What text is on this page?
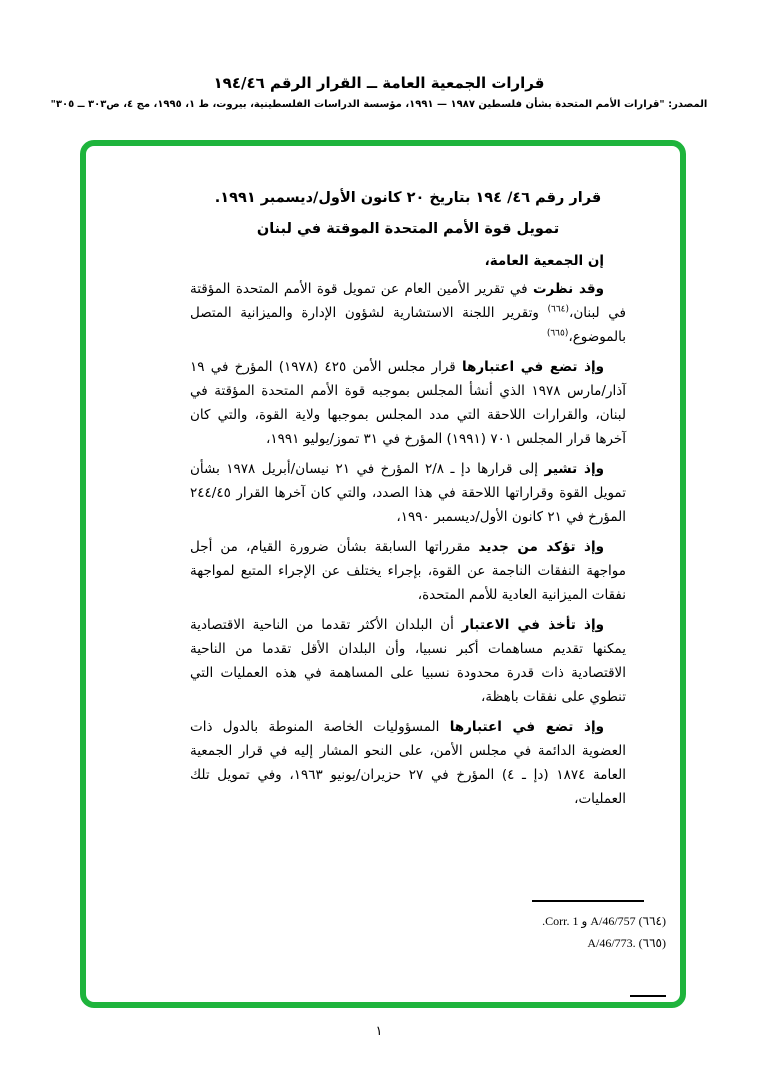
قرارات الجمعية العامة ــ القرار الرقم ٤٦‏/١٩٤
المصدر: "قرارات الأمم المتحدة بشأن فلسطين ١٩٨٧ — ١٩٩١، مؤسسة الدراسات الفلسطينية، بيروت، ط ١، ١٩٩٥، مج ٤، ص٣٠٣ ــ ٣٠٥"
قرار رقم ٤٦‏/ ١٩٤ بتاريخ ٢٠ كانون الأول/ديسمبر ١٩٩١.
تمويل قوة الأمم المتحدة الموقتة في لبنان
إن الجمعية العامة،

وقد نظرت في تقرير الأمين العام عن تمويل قوة الأمم المتحدة المؤقتة في لبنان،$^{(٦٦٤)}$ وتقرير اللجنة الاستشارية لشؤون الإدارة والميزانية المتصل بالموضوع،$^{(٦٦٥)}$

وإذ تضع في اعتبارها قرار مجلس الأمن ٤٢٥ (١٩٧٨) المؤرخ في ١٩ آذار/مارس ١٩٧٨ الذي أنشأ المجلس بموجبه قوة الأمم المتحدة المؤقتة في لبنان، والقرارات اللاحقة التي مدد المجلس بموجبها ولاية القوة، والتي كان آخرها قرار المجلس ٧٠١ (١٩٩١) المؤرخ في ٣١ تموز/يوليو ١٩٩١،

وإذ تشير إلى قرارها دإ ـ ٨‏/٢ المؤرخ في ٢١ نيسان/أبريل ١٩٧٨ بشأن تمويل القوة وقراراتها اللاحقة في هذا الصدد، والتي كان آخرها القرار ٤٥‏/٢٤٤ المؤرخ في ٢١ كانون الأول/ديسمبر ١٩٩٠،

وإذ تؤكد من جديد مقرراتها السابقة بشأن ضرورة القيام، من أجل مواجهة النفقات الناجمة عن القوة، بإجراء يختلف عن الإجراء المتبع لمواجهة نفقات الميزانية العادية للأمم المتحدة،

وإذ تأخذ في الاعتبار أن البلدان الأكثر تقدما من الناحية الاقتصادية يمكنها تقديم مساهمات أكبر نسبيا، وأن البلدان الأقل تقدما من الناحية الاقتصادية ذات قدرة محدودة نسبيا على المساهمة في هذه العمليات التي تنطوي على نفقات باهظة،

وإذ تضع في اعتبارها المسؤوليات الخاصة المنوطة بالدول ذات العضوية الدائمة في مجلس الأمن، على النحو المشار إليه في قرار الجمعية العامة ١٨٧٤ (دإ ـ ٤) المؤرخ في ٢٧ حزيران/يونيو ١٩٦٣، وفي تمويل تلك العمليات،

(٦٦٤) A/46/757 و Corr. 1.
(٦٦٥) A/46/773.
١
